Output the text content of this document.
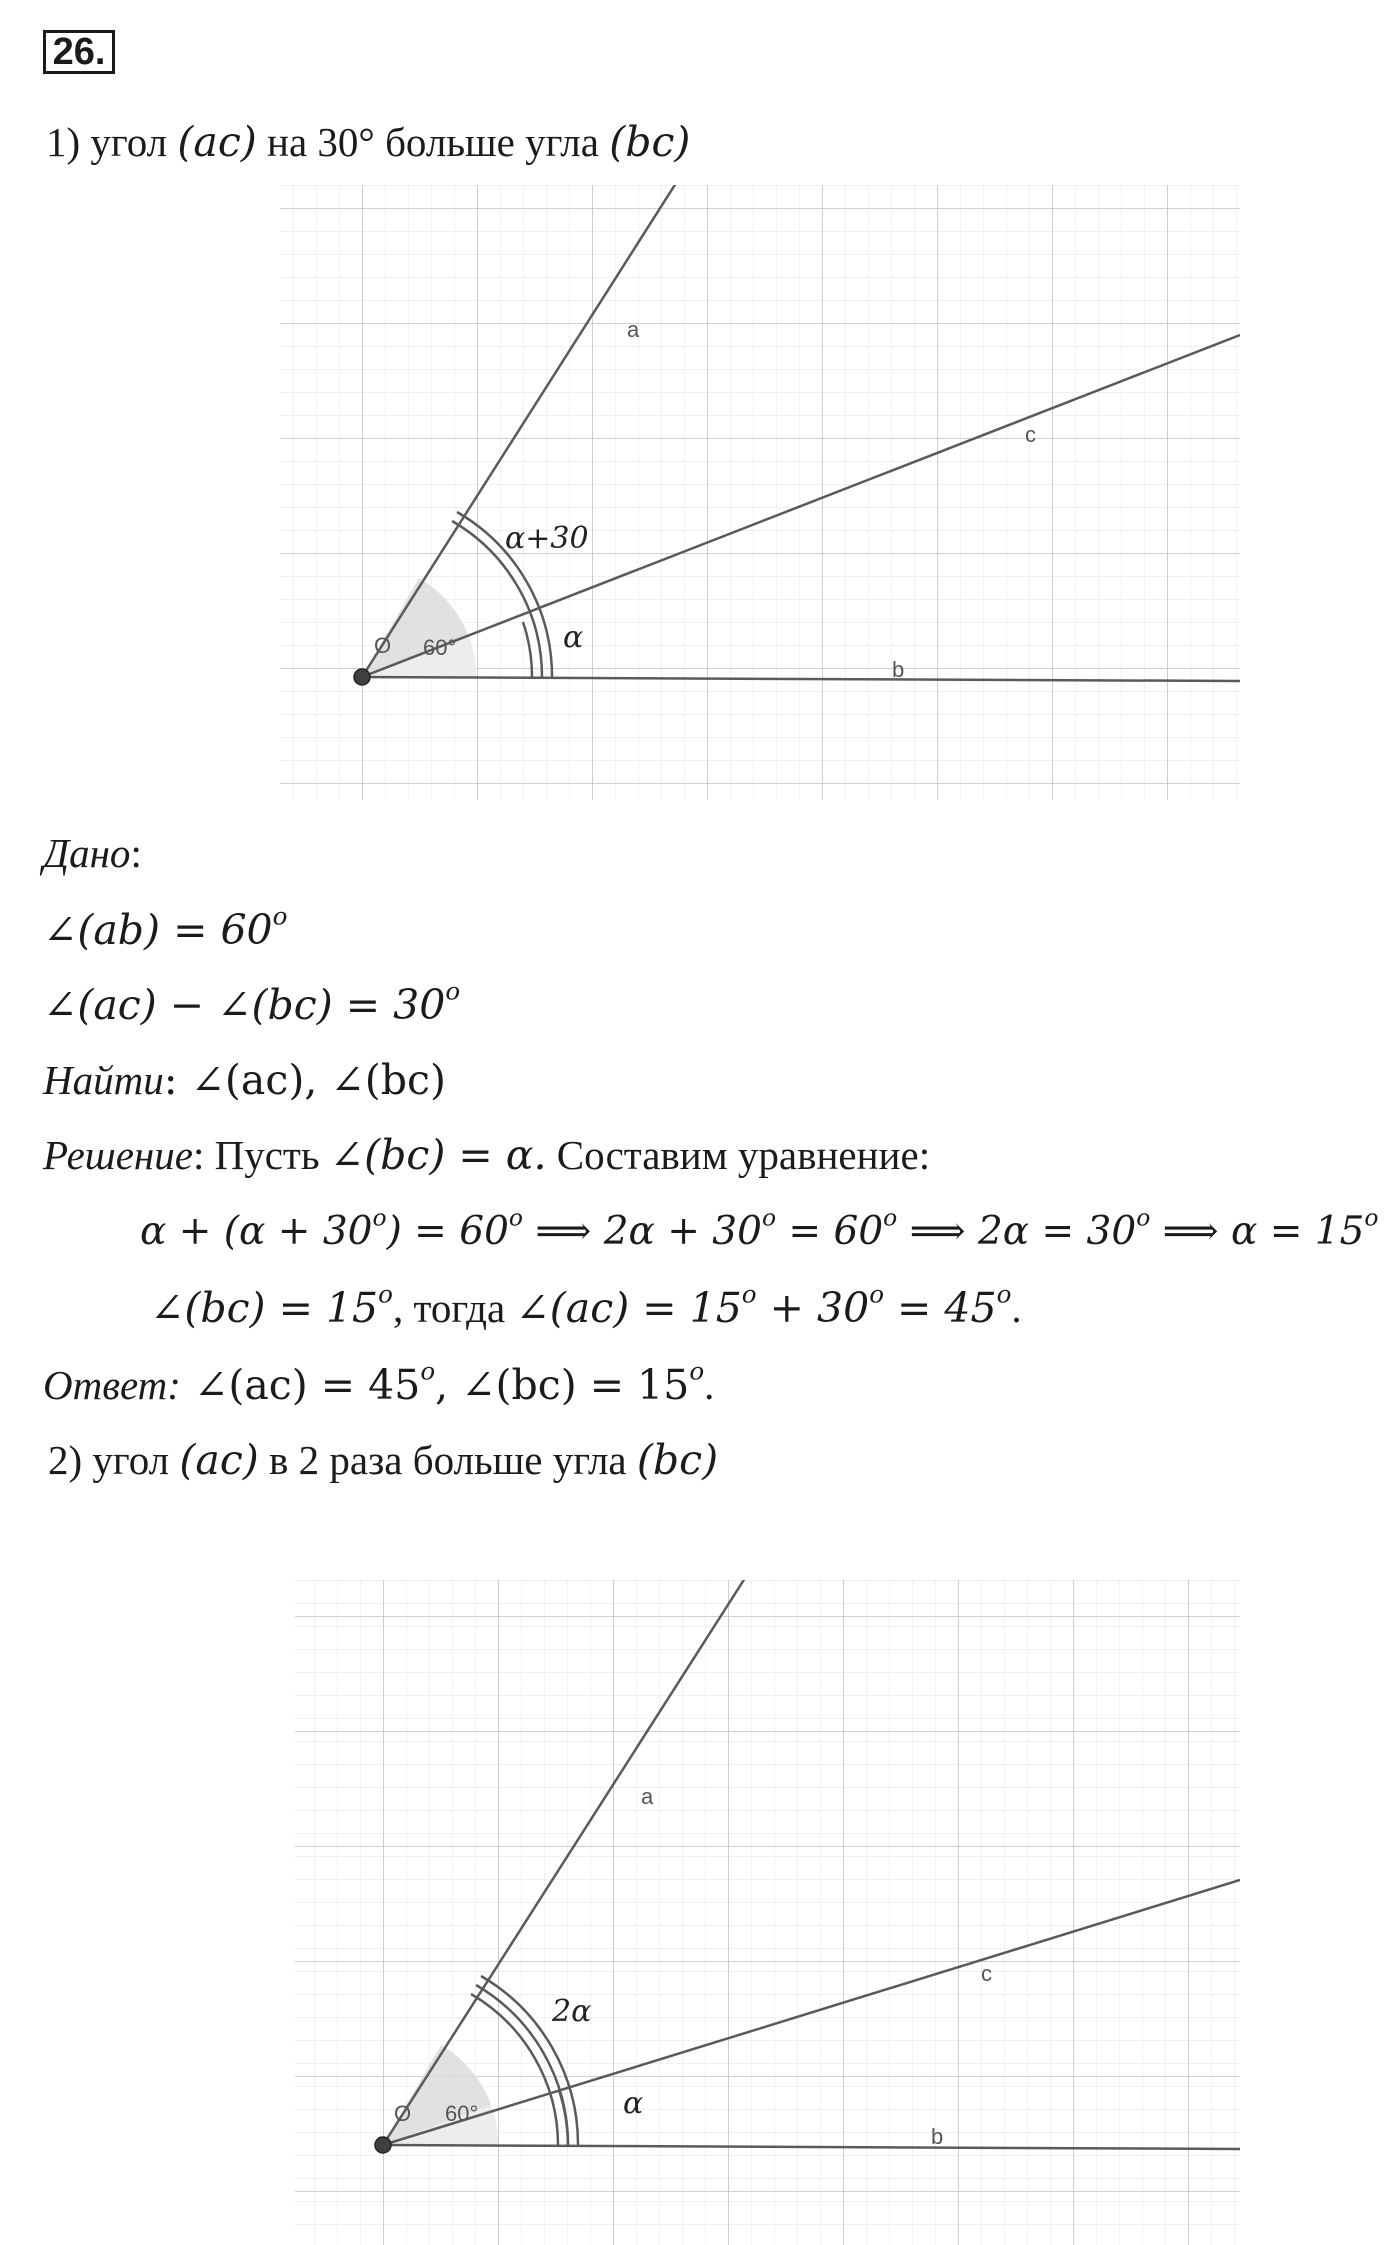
26.
1) угол (ac) на 30° больше угла (bc)
a
c
b
O 60°
α+30
α
Дано:
∠(ab) = $60^o$
∠(ac) − ∠(bc) = $30^o$
Найти: ∠(ac), ∠(bc)
Решение: Пусть ∠(bc) = α. Составим уравнение:
$\alpha + (\alpha + 30^o) = 60^o$ ⟹ $2\alpha + 30^o = 60^o$ ⟹ $2\alpha = 30^o$ ⟹ $\alpha = 15^o$
∠(bc) = $15^o$, тогда ∠(ac) = $15^o + 30^o = 45^o$.
Ответ: ∠(ac) = $45^o$, ∠(bc) = $15^o$.
2) угол (ac) в 2 раза больше угла (bc)
a
c
b
O 60°
2α
α
